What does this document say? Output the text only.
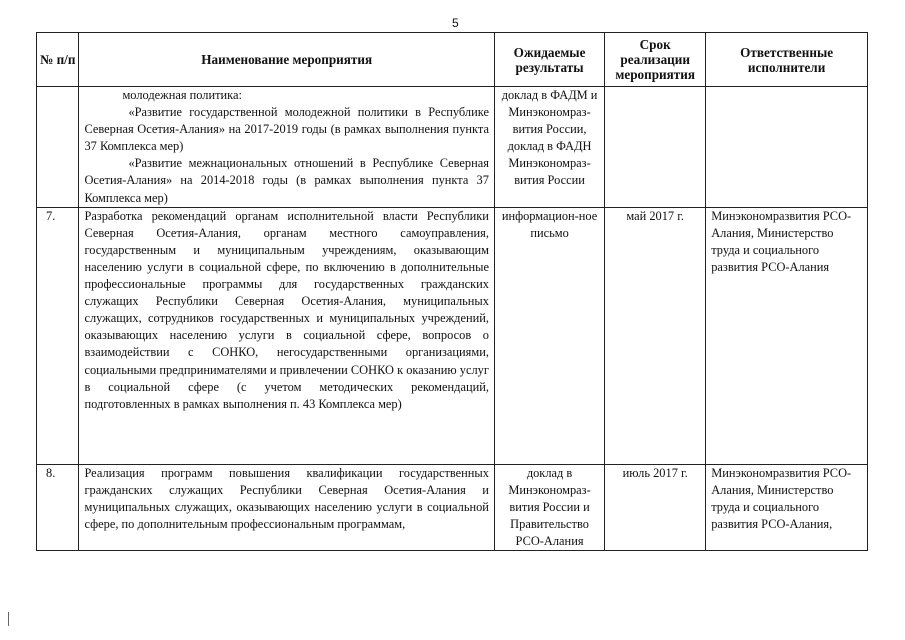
5
№ п/п	Наименование мероприятия	Ожидаемые результаты	Срок реализации мероприятия	Ответственные исполнители

	молодежная политика:

«Развитие государственной молодежной политики в Республике Северная Осетия-Алания» на 2017-2019 годы (в рамках выполнения пункта 37 Комплекса мер)

«Развитие межнациональных отношений в Республике Северная Осетия-Алания» на 2014-2018 годы (в рамках выполнения пункта 37 Комплекса мер)	доклад в ФАДМ и Минэкономраз-вития России, доклад в ФАДН Минэкономраз-вития России		
7.	Разработка рекомендаций органам исполнительной власти Республики Северная Осетия-Алания, органам местного самоуправления, государственным и муниципальным учреждениям, оказывающим населению услуги в социальной сфере, по включению в дополнительные профессиональные программы для государственных гражданских служащих Республики Северная Осетия-Алания, муниципальных служащих, сотрудников государственных и муниципальных учреждений, оказывающих населению услуги в социальной сфере, вопросов о взаимодействии с СОНКО, негосударственными организациями, социальными предпринимателями и привлечении СОНКО к оказанию услуг в социальной сфере (с учетом методических рекомендаций, подготовленных в рамках выполнения п. 43 Комплекса мер)	информацион-ное письмо	май 2017 г.	Минэкономразвития РСО-Алания, Министерство труда и социального развития РСО-Алания
8.	Реализация программ повышения квалификации государственных гражданских служащих Республики Северная Осетия-Алания и муниципальных служащих, оказывающих населению услуги в социальной сфере, по дополнительным профессиональным программам,	доклад в Минэкономраз-вития России и Правительство РСО-Алания	июль 2017 г.	Минэкономразвития РСО-Алания, Министерство труда и социального развития РСО-Алания,
